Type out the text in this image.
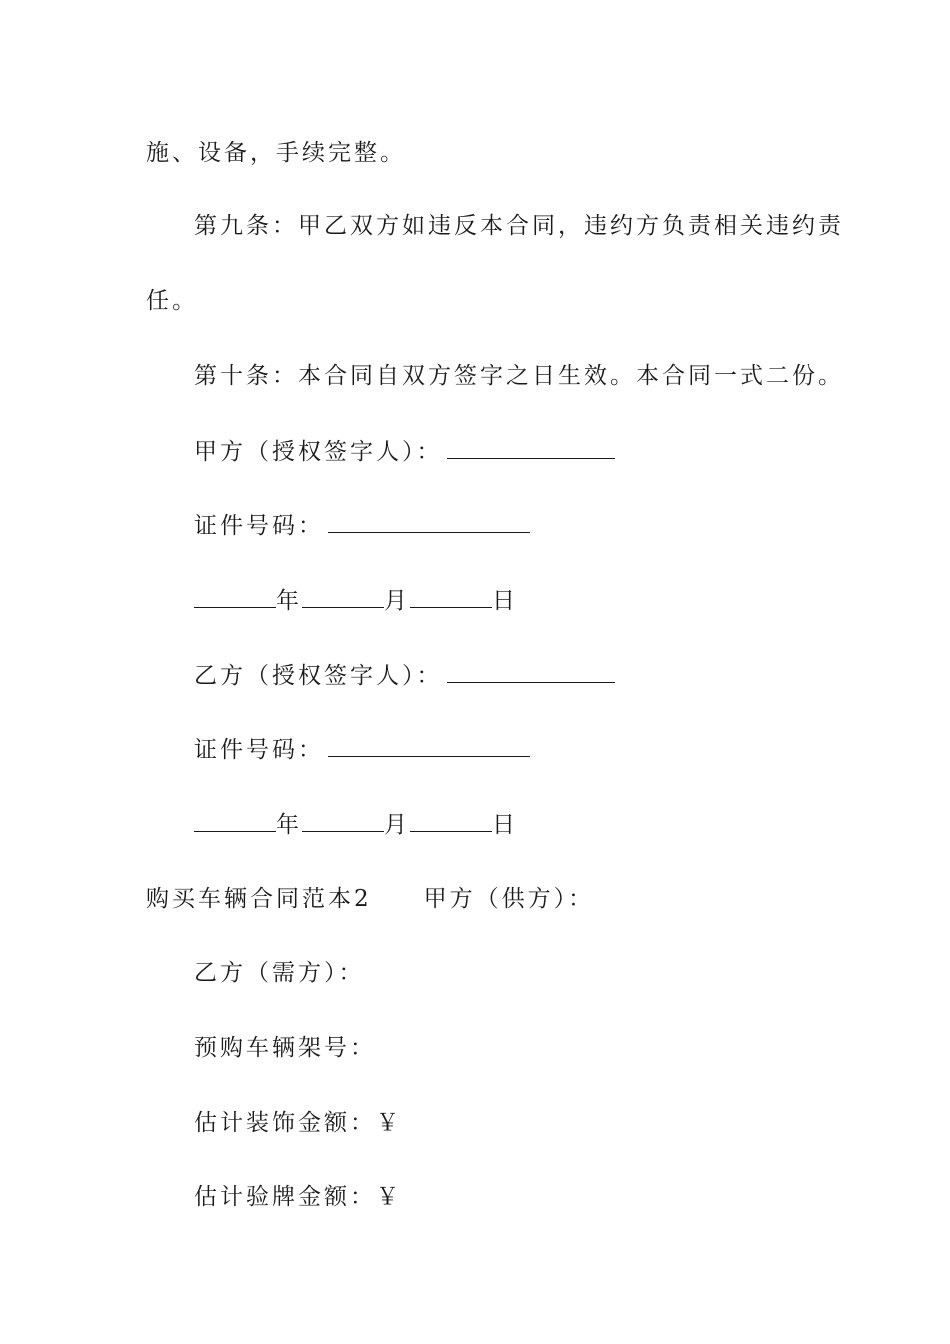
施、设备，手续完整。
第九条：甲乙双方如违反本合同，违约方负责相关违约责
任。
第十条：本合同自双方签字之日生效。本合同一式二份。
甲方（授权签字人）：
证件号码：
年	月	日
乙方（授权签字人）：
证件号码：
年	月	日
购买车辆合同范本2 甲方（供方）：
乙方（需方）：
预购车辆架号：
估计装饰金额：￥
估计验牌金额：￥
